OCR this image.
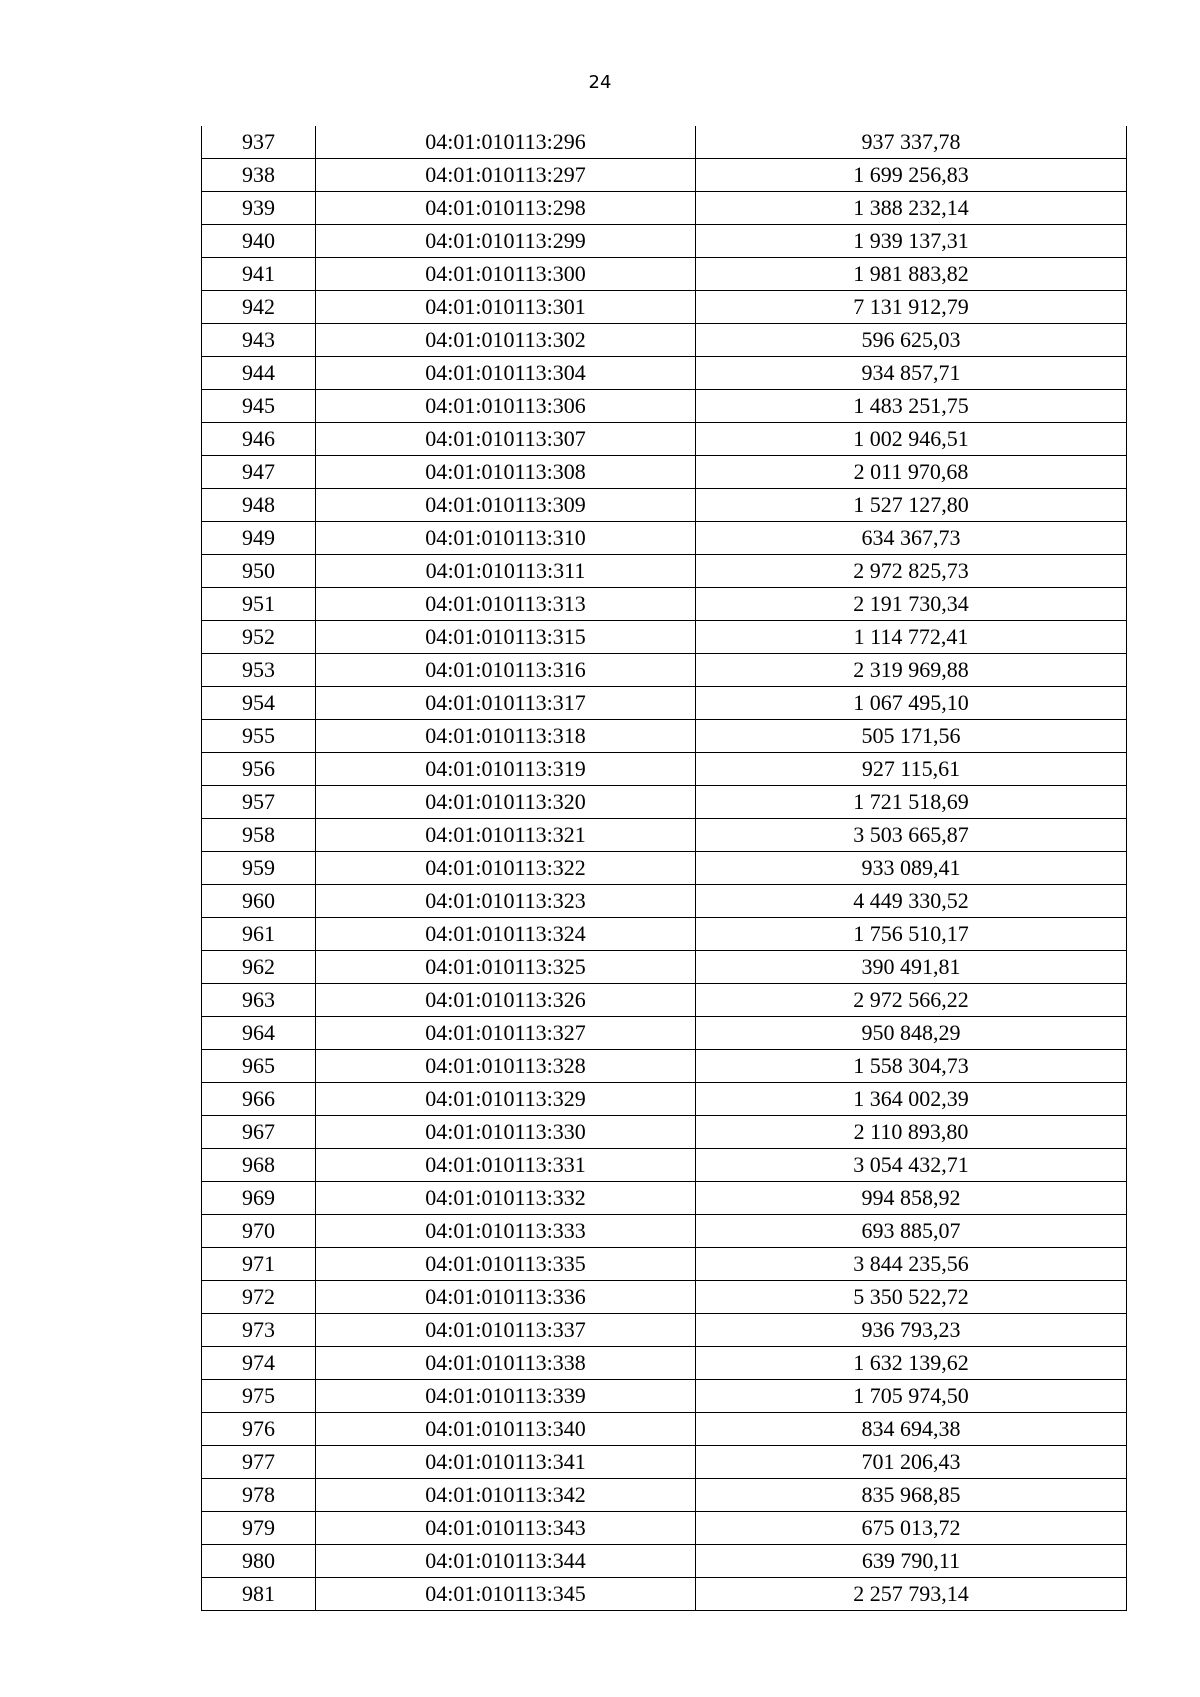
24
937	04:01:010113:296	937 337,78
938	04:01:010113:297	1 699 256,83
939	04:01:010113:298	1 388 232,14
940	04:01:010113:299	1 939 137,31
941	04:01:010113:300	1 981 883,82
942	04:01:010113:301	7 131 912,79
943	04:01:010113:302	596 625,03
944	04:01:010113:304	934 857,71
945	04:01:010113:306	1 483 251,75
946	04:01:010113:307	1 002 946,51
947	04:01:010113:308	2 011 970,68
948	04:01:010113:309	1 527 127,80
949	04:01:010113:310	634 367,73
950	04:01:010113:311	2 972 825,73
951	04:01:010113:313	2 191 730,34
952	04:01:010113:315	1 114 772,41
953	04:01:010113:316	2 319 969,88
954	04:01:010113:317	1 067 495,10
955	04:01:010113:318	505 171,56
956	04:01:010113:319	927 115,61
957	04:01:010113:320	1 721 518,69
958	04:01:010113:321	3 503 665,87
959	04:01:010113:322	933 089,41
960	04:01:010113:323	4 449 330,52
961	04:01:010113:324	1 756 510,17
962	04:01:010113:325	390 491,81
963	04:01:010113:326	2 972 566,22
964	04:01:010113:327	950 848,29
965	04:01:010113:328	1 558 304,73
966	04:01:010113:329	1 364 002,39
967	04:01:010113:330	2 110 893,80
968	04:01:010113:331	3 054 432,71
969	04:01:010113:332	994 858,92
970	04:01:010113:333	693 885,07
971	04:01:010113:335	3 844 235,56
972	04:01:010113:336	5 350 522,72
973	04:01:010113:337	936 793,23
974	04:01:010113:338	1 632 139,62
975	04:01:010113:339	1 705 974,50
976	04:01:010113:340	834 694,38
977	04:01:010113:341	701 206,43
978	04:01:010113:342	835 968,85
979	04:01:010113:343	675 013,72
980	04:01:010113:344	639 790,11
981	04:01:010113:345	2 257 793,14
